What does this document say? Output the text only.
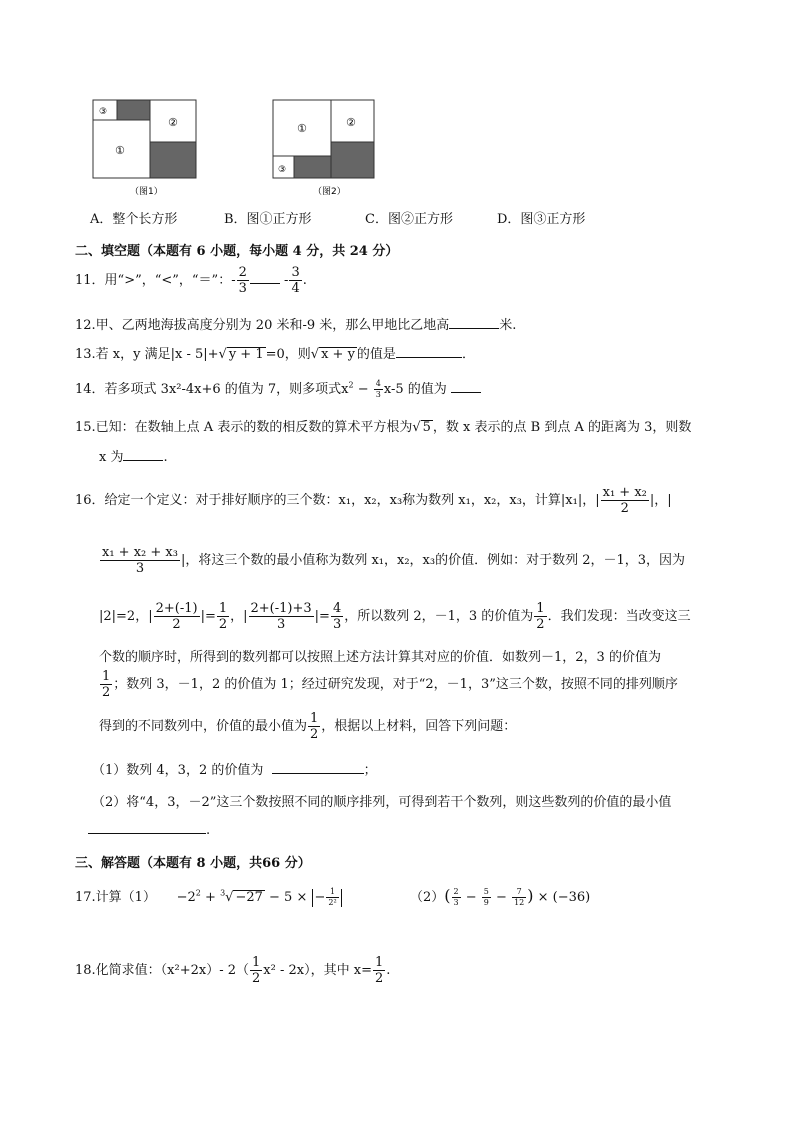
③
②
①
（图1）
①	②
③
（图2）
A．整个长方形	B．图①正方形	C．图②正方形	D．图③正方形
二、填空题（本题有 6 小题，每小题 4 分，共 24 分）
11．用“>”，“<”，“＝”：- $\frac{2}{3}$	- $\frac{3}{4}$ .
12.甲、乙两地海拔高度分别为 20 米和-9 米，那么甲地比乙地高	米.
13.若 x，y 满足|x - 5|+√ y + 1 =0，则√ x + y 的值是	．
14．若多项式 3x²-4x+6 的值为 7，则多项式$x^2 - \frac{4}{3} x-5$ 的值为
15.已知：在数轴上点 A 表示的数的相反数的算术平方根为√ 5 ，数 x 表示的点 B 到点 A 的距离为 3，则数
x 为	.
16．给定一个定义：对于排好顺序的三个数：x₁，x₂，x₃称为数列 x₁，x₂，x₃，计算|x₁|，| $\frac{\text{x₁ + x₂}}{2}$ |，|
$\frac{\text{x₁ + x₂ + x₃}}{3}$ |，将这三个数的最小值称为数列 x₁，x₂，x₃的价值．例如：对于数列 2，－1，3，因为
|2|=2，| $\frac{2+(-1)}{2}$ |= $\frac{1}{2}$ ，| $\frac{2+(-1)+3}{3}$ |= $\frac{4}{3}$ ，所以数列 2，－1，3 的价值为 $\frac{1}{2}$ ．我们发现：当改变这三
个数的顺序时，所得到的数列都可以按照上述方法计算其对应的价值．如数列－1，2，3 的价值为
$\frac{1}{2}$ ；数列 3，－1，2 的价值为 1；经过研究发现，对于“2，－1，3”这三个数，按照不同的排列顺序
得到的不同数列中，价值的最小值为 $\frac{1}{2}$ ，根据以上材料，回答下列问题：
（1）数列 4，3，2 的价值为	；
（2）将“4，3，－2”这三个数按照不同的顺序排列，可得到若干个数列，则这些数列的价值的最小值
.
三、解答题（本题有 8 小题，共66 分）
17.计算$(1) -2^2 + ^3√ -27 - 5$ × − $\frac{1}{\text{2²}}$	$(2)( \frac{2}{3} - \frac{5}{9} - \frac{7}{12}$ ) × (−36)
18.化简求值：（x²+2x）- $2( \frac{1}{2} x^2 - 2x)$，其中 $x= \frac{1}{2}$ .
